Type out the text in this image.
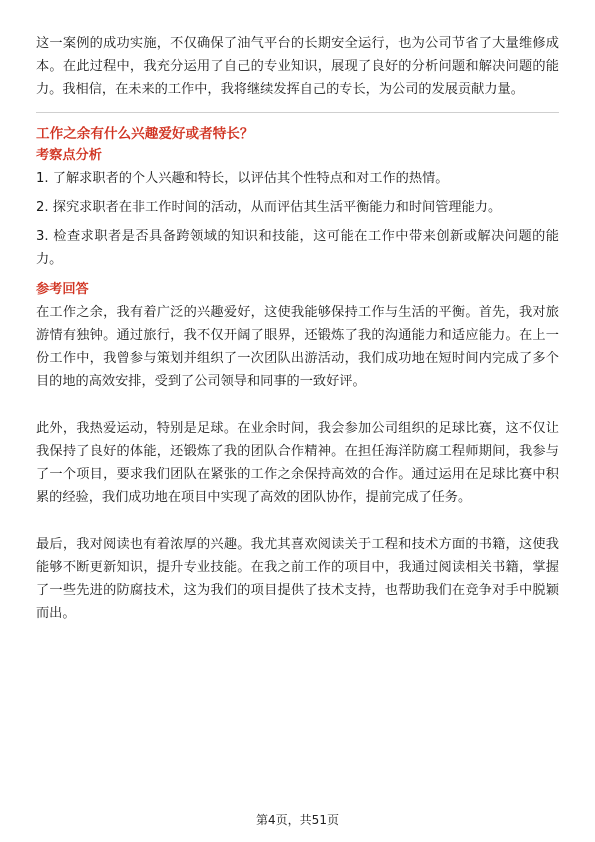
这一案例的成功实施，不仅确保了油气平台的长期安全运行，也为公司节省了大量维修成本。在此过程中，我充分运用了自己的专业知识，展现了良好的分析问题和解决问题的能力。我相信，在未来的工作中，我将继续发挥自己的专长，为公司的发展贡献力量。

工作之余有什么兴趣爱好或者特长？

考察点分析

1. 了解求职者的个人兴趣和特长，以评估其个性特点和对工作的热情。
2. 探究求职者在非工作时间的活动，从而评估其生活平衡能力和时间管理能力。
3. 检查求职者是否具备跨领域的知识和技能，这可能在工作中带来创新或解决问题的能力。

参考回答

在工作之余，我有着广泛的兴趣爱好，这使我能够保持工作与生活的平衡。首先，我对旅游情有独钟。通过旅行，我不仅开阔了眼界，还锻炼了我的沟通能力和适应能力。在上一份工作中，我曾参与策划并组织了一次团队出游活动，我们成功地在短时间内完成了多个目的地的高效安排，受到了公司领导和同事的一致好评。

此外，我热爱运动，特别是足球。在业余时间，我会参加公司组织的足球比赛，这不仅让我保持了良好的体能，还锻炼了我的团队合作精神。在担任海洋防腐工程师期间，我参与了一个项目，要求我们团队在紧张的工作之余保持高效的合作。通过运用在足球比赛中积累的经验，我们成功地在项目中实现了高效的团队协作，提前完成了任务。

最后，我对阅读也有着浓厚的兴趣。我尤其喜欢阅读关于工程和技术方面的书籍，这使我能够不断更新知识，提升专业技能。在我之前工作的项目中，我通过阅读相关书籍，掌握了一些先进的防腐技术，这为我们的项目提供了技术支持，也帮助我们在竞争对手中脱颖而出。

第4页，共51页
